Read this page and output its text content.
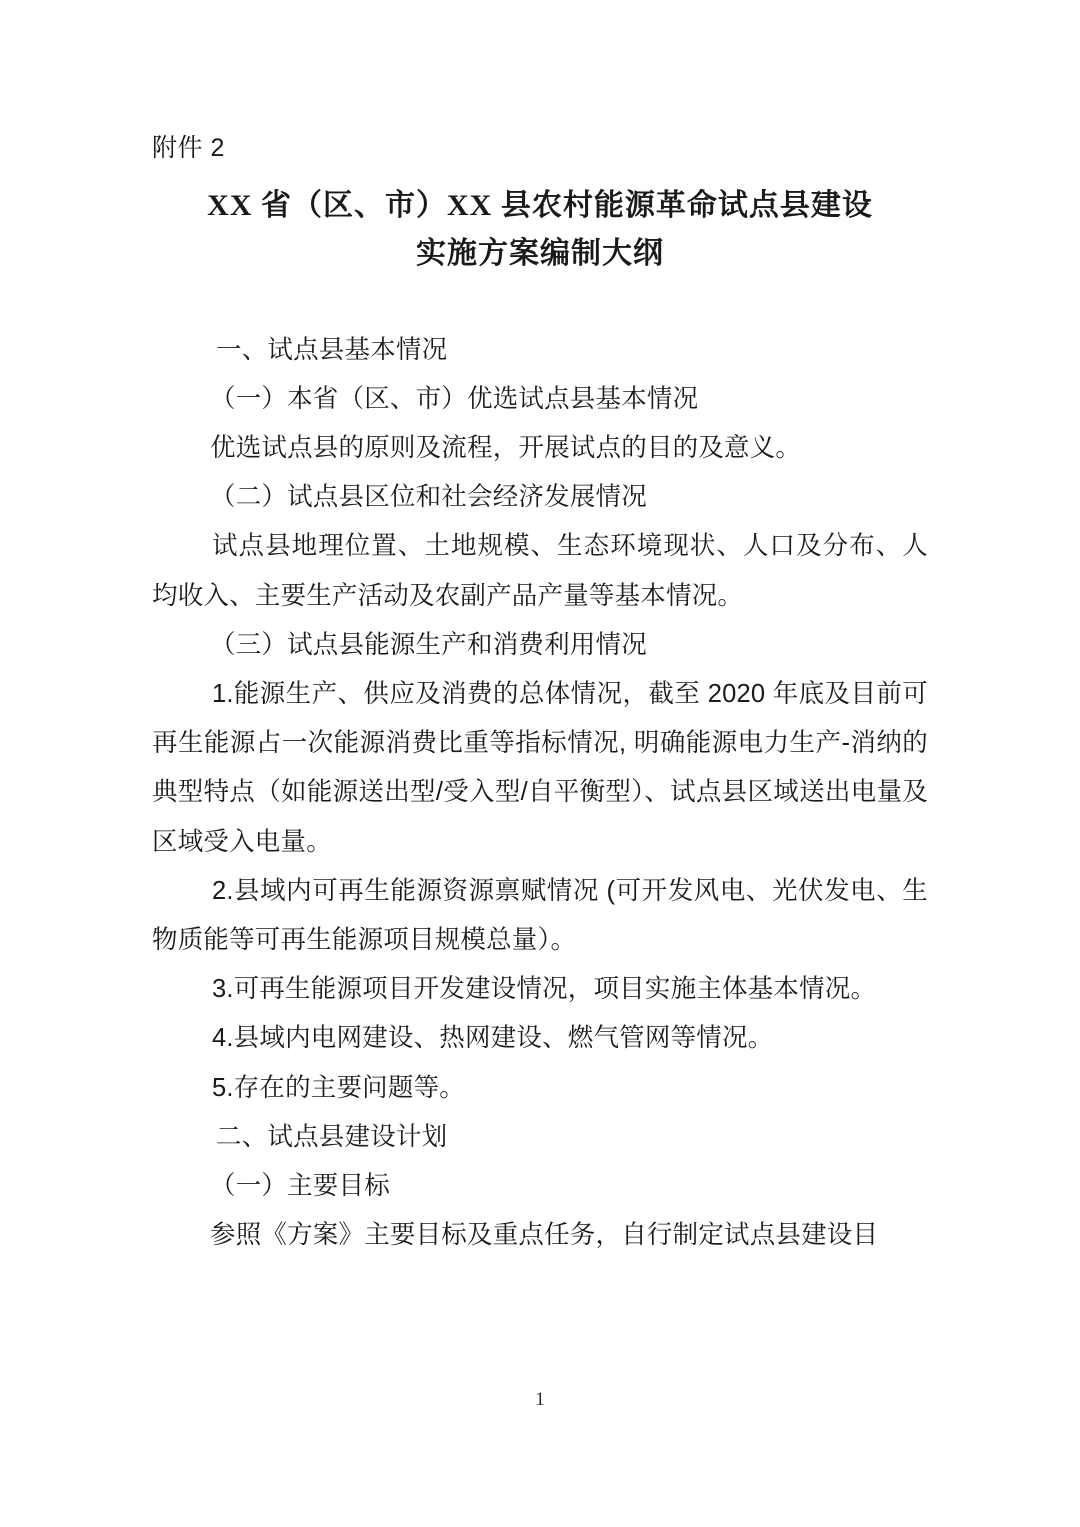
附件 2
XX 省（区、市）XX 县农村能源革命试点县建设
实施方案编制大纲

一、试点县基本情况

（一）本省（区、市）优选试点县基本情况

优选试点县的原则及流程，开展试点的目的及意义。

（二）试点县区位和社会经济发展情况

试点县地理位置、土地规模、生态环境现状、人口及分布、人均收入、主要生产活动及农副产品产量等基本情况。

（三）试点县能源生产和消费利用情况

1.能源生产、供应及消费的总体情况，截至 2020 年底及目前可再生能源占一次能源消费比重等指标情况, 明确能源电力生产-消纳的典型特点（如能源送出型/受入型/自平衡型）、试点县区域送出电量及区域受入电量。

2.县域内可再生能源资源禀赋情况 (可开发风电、光伏发电、生物质能等可再生能源项目规模总量）。

3.可再生能源项目开发建设情况，项目实施主体基本情况。

4.县域内电网建设、热网建设、燃气管网等情况。

5.存在的主要问题等。

二、试点县建设计划

（一）主要目标

参照《方案》主要目标及重点任务，自行制定试点县建设目

1
